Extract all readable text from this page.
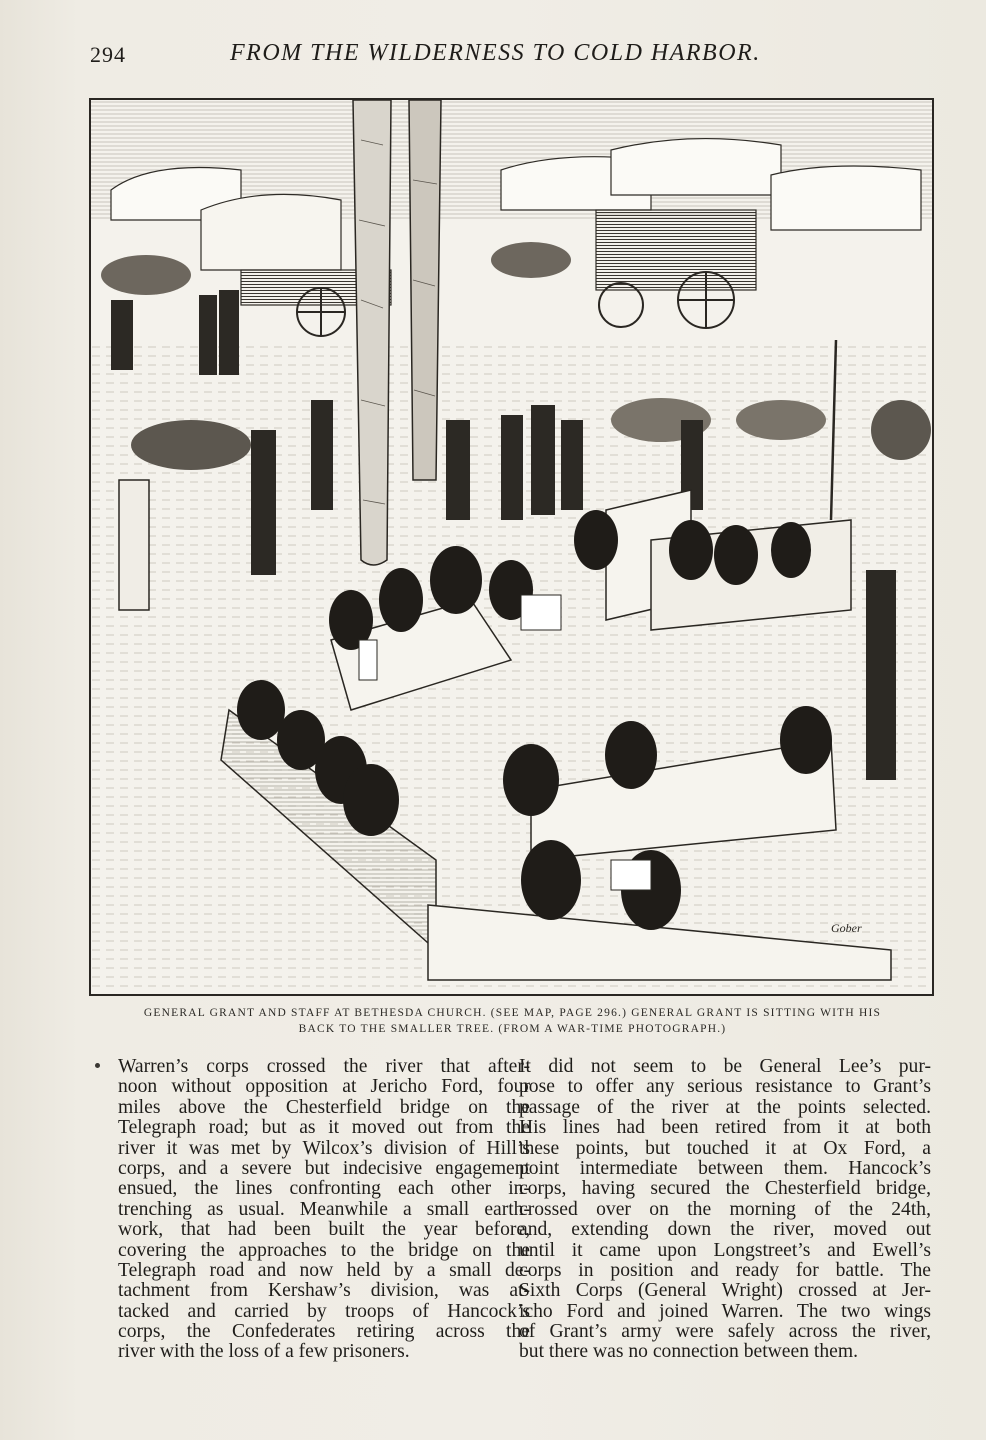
294	FROM THE WILDERNESS TO COLD HARBOR.
Gober
GENERAL GRANT AND STAFF AT BETHESDA CHURCH. (SEE MAP, PAGE 296.) GENERAL GRANT IS SITTING WITH HIS
BACK TO THE SMALLER TREE. (FROM A WAR-TIME PHOTOGRAPH.)
Warren’s corps crossed the river that after-
noon without opposition at Jericho Ford, four
miles above the Chesterfield bridge on the
Telegraph road; but as it moved out from the
river it was met by Wilcox’s division of Hill’s
corps, and a severe but indecisive engagement
ensued, the lines confronting each other in-
trenching as usual. Meanwhile a small earth-
work, that had been built the year before,
covering the approaches to the bridge on the
Telegraph road and now held by a small de-
tachment from Kershaw’s division, was at-
tacked and carried by troops of Hancock’s
corps, the Confederates retiring across the
river with the loss of a few prisoners.
It did not seem to be General Lee’s pur-
pose to offer any serious resistance to Grant’s
passage of the river at the points selected.
His lines had been retired from it at both
these points, but touched it at Ox Ford, a
point intermediate between them. Hancock’s
corps, having secured the Chesterfield bridge,
crossed over on the morning of the 24th,
and, extending down the river, moved out
until it came upon Longstreet’s and Ewell’s
corps in position and ready for battle. The
Sixth Corps (General Wright) crossed at Jer-
icho Ford and joined Warren. The two wings
of Grant’s army were safely across the river,
but there was no connection between them.
